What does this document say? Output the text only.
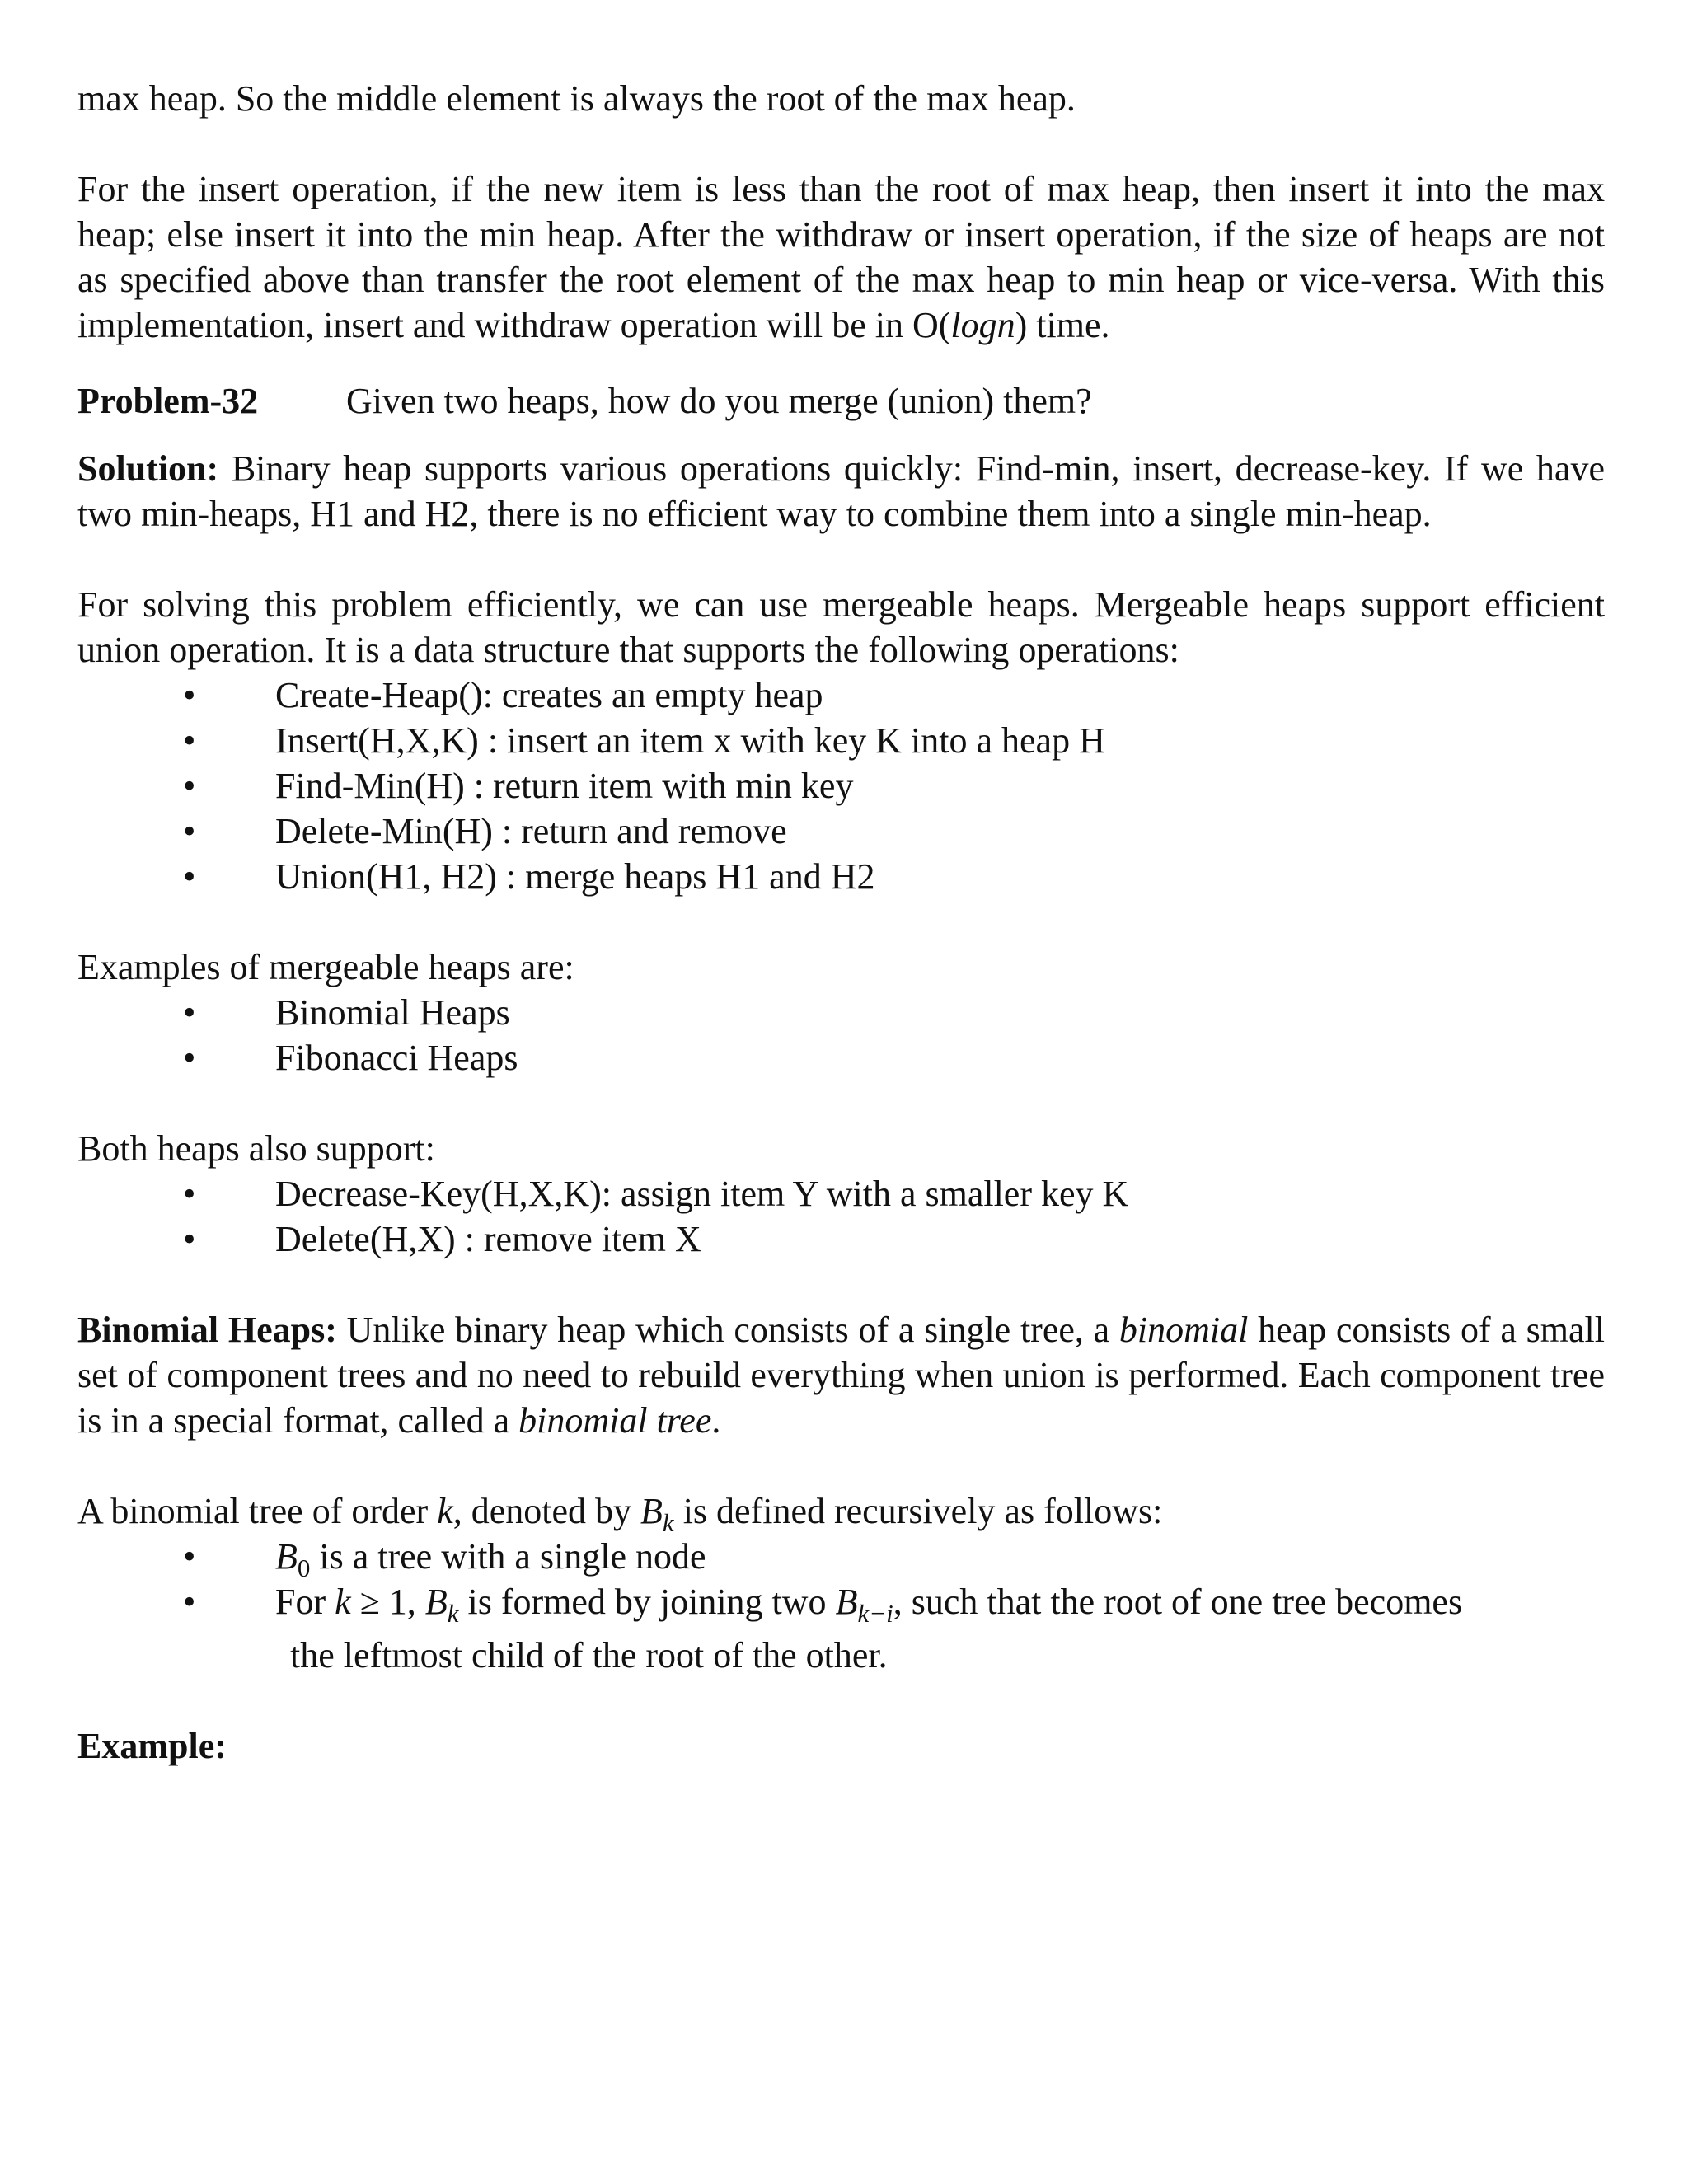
max heap. So the middle element is always the root of the max heap.

For the insert operation, if the new item is less than the root of max heap, then insert it into the max heap; else insert it into the min heap. After the withdraw or insert operation, if the size of heaps are not as specified above than transfer the root element of the max heap to min heap or vice-versa. With this implementation, insert and withdraw operation will be in O(logn) time.

Problem-32	Given two heaps, how do you merge (union) them?

Solution: Binary heap supports various operations quickly: Find-min, insert, decrease-key. If we have two min-heaps, H1 and H2, there is no efficient way to combine them into a single min-heap.

For solving this problem efficiently, we can use mergeable heaps. Mergeable heaps support efficient union operation. It is a data structure that supports the following operations:

• Create-Heap(): creates an empty heap
• Insert(H,X,K) : insert an item x with key K into a heap H
• Find-Min(H) : return item with min key
• Delete-Min(H) : return and remove
• Union(H1, H2) : merge heaps H1 and H2

Examples of mergeable heaps are:

• Binomial Heaps
• Fibonacci Heaps

Both heaps also support:

• Decrease-Key(H,X,K): assign item Y with a smaller key K
• Delete(H,X) : remove item X

Binomial Heaps: Unlike binary heap which consists of a single tree, a binomial heap consists of a small set of component trees and no need to rebuild everything when union is performed. Each component tree is in a special format, called a binomial tree.

A binomial tree of order k, denoted by $B_k$ is defined recursively as follows:

• $B_0$ is a tree with a single node
• For k ≥ 1, $B_k$ is formed by joining two $B_{k-i}$, such that the root of one tree becomes
the leftmost child of the root of the other.

Example:
